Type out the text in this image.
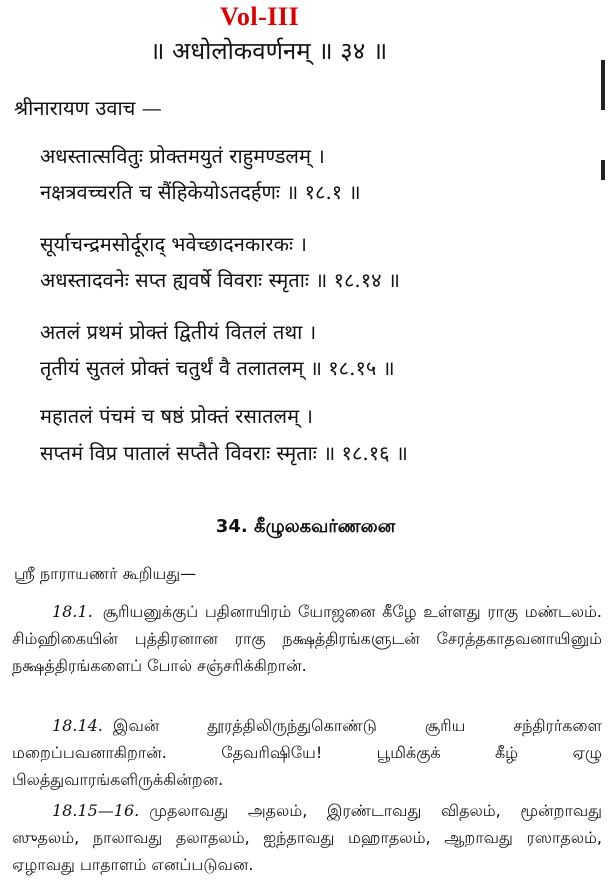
Vol-III
॥ अधोलोकवर्णनम् ॥ ३४ ॥
श्रीनारायण उवाच —
अधस्तात्सवितुः प्रोक्तमयुतं राहुमण्डलम् ।
नक्षत्रवच्चरति च सैंहिकेयोऽतदर्हणः ॥ १८.१ ॥
सूर्याचन्द्रमसोर्दूराद् भवेच्छादनकारकः ।
अधस्तादवनेः सप्त ह्यवर्षे विवराः स्मृताः ॥ १८.१४ ॥
अतलं प्रथमं प्रोक्तं द्वितीयं वितलं तथा ।
तृतीयं सुतलं प्रोक्तं चतुर्थं वै तलातलम् ॥ १८.१५ ॥
महातलं पंचमं च षष्ठं प्रोक्तं रसातलम् ।
सप्तमं विप्र पातालं सप्तैते विवराः स्मृताः ॥ १८.१६ ॥
34. கீழுலகவர்ணனை
ஸ்ரீ நாராயணர் கூறியது—
18.1. சூரியனுக்குப் பதினாயிரம் யோஜனை கீழே உள்ளது ராகு மண்டலம். சிம்ஹிகையின் புத்திரனான ராகு நக்ஷத்திரங்களுடன் சேரத்தகாதவனாயினும் நக்ஷத்திரங்களைப் போல் சஞ்சரிக்கிறான்.
18.14. இவன் தூரத்திலிருந்துகொண்டு சூரிய சந்திரர்களை மறைப்பவனாகிறான். தேவரிஷியே! பூமிக்குக் கீழ் ஏழு பிலத்துவாரங்களிருக்கின்றன.
18.15—16. முதலாவது அதலம், இரண்டாவது விதலம், மூன்றாவது ஸுதலம், நாலாவது தலாதலம், ஐந்தாவது மஹாதலம், ஆறாவது ரஸாதலம், ஏழாவது பாதாளம் எனப்படுவன.
